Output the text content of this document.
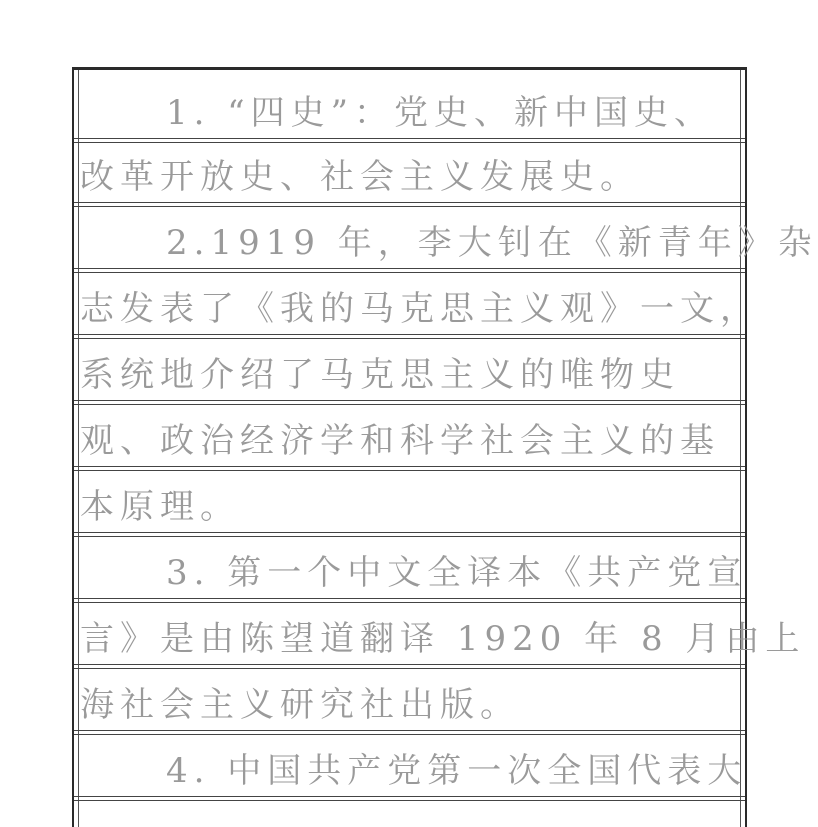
1. “四史”：党史、新中国史、
改革开放史、社会主义发展史。
2.1919 年，李大钊在《新青年》杂
志发表了《我的马克思主义观》一文，
系统地介绍了马克思主义的唯物史
观、政治经济学和科学社会主义的基
本原理。
3. 第一个中文全译本《共产党宣
言》是由陈望道翻译 1920 年 8 月由上
海社会主义研究社出版。
4. 中国共产党第一次全国代表大
